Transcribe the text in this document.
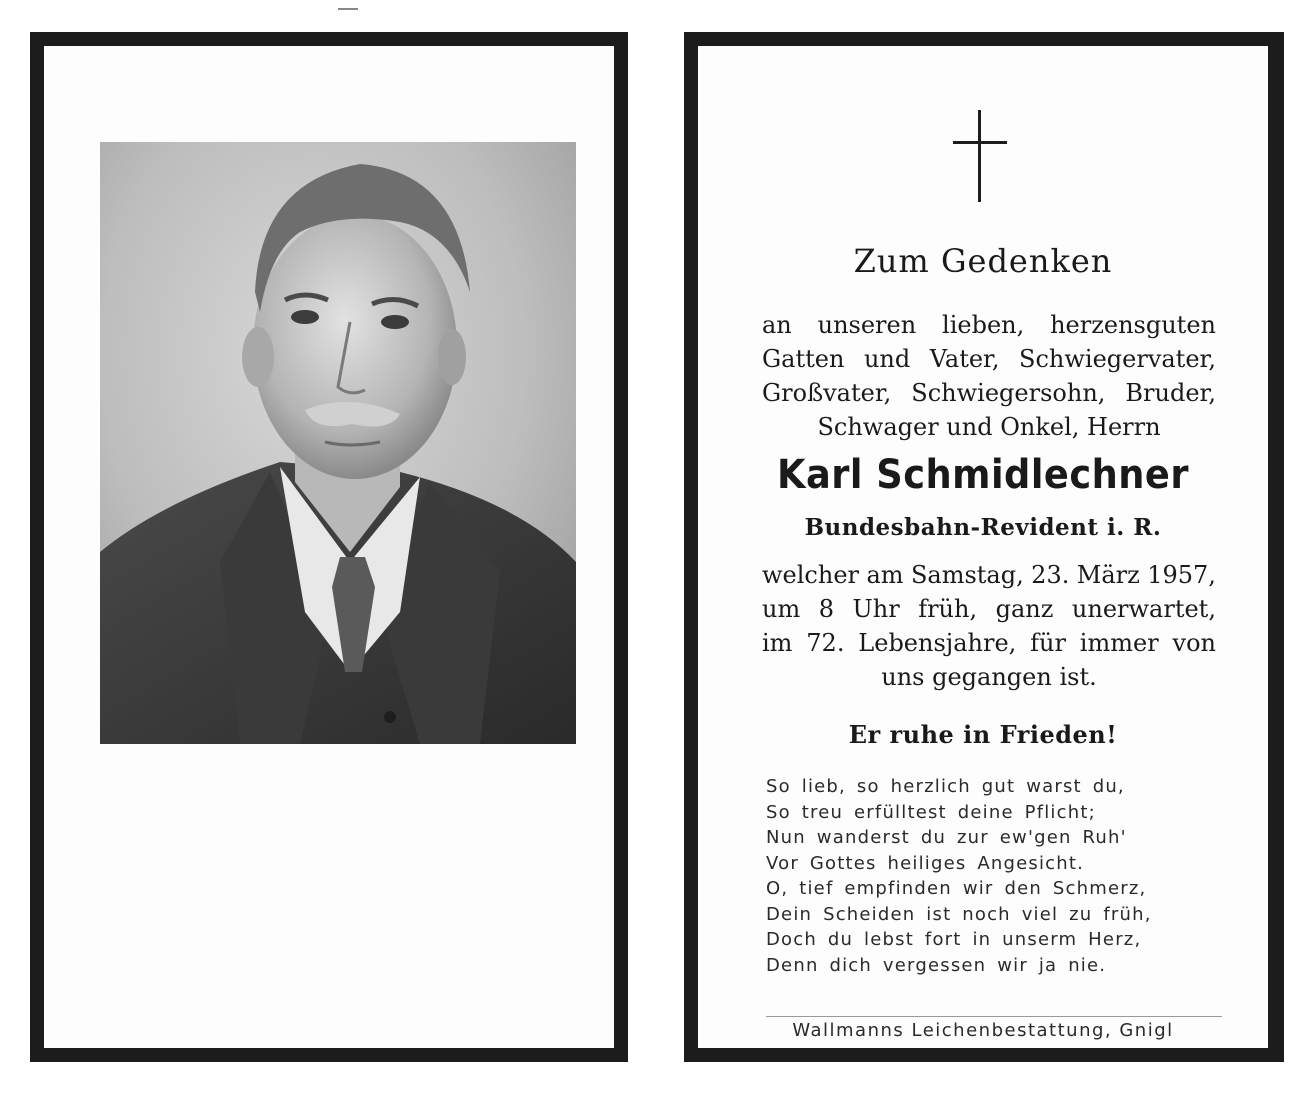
Zum Gedenken
an unseren lieben, herzensguten
Gatten und Vater, Schwiegervater,
Großvater, Schwiegersohn, Bruder,
Schwager und Onkel, Herrn
Karl Schmidlechner
Bundesbahn-Revident i. R.
welcher am Samstag, 23. März 1957,
um 8 Uhr früh, ganz unerwartet,
im 72. Lebensjahre, für immer von
uns gegangen ist.
Er ruhe in Frieden!
So lieb, so herzlich gut warst du,
So treu erfülltest deine Pflicht;
Nun wanderst du zur ew'gen Ruh'
Vor Gottes heiliges Angesicht.
O, tief empfinden wir den Schmerz,
Dein Scheiden ist noch viel zu früh,
Doch du lebst fort in unserm Herz,
Denn dich vergessen wir ja nie.
Wallmanns Leichenbestattung, Gnigl
